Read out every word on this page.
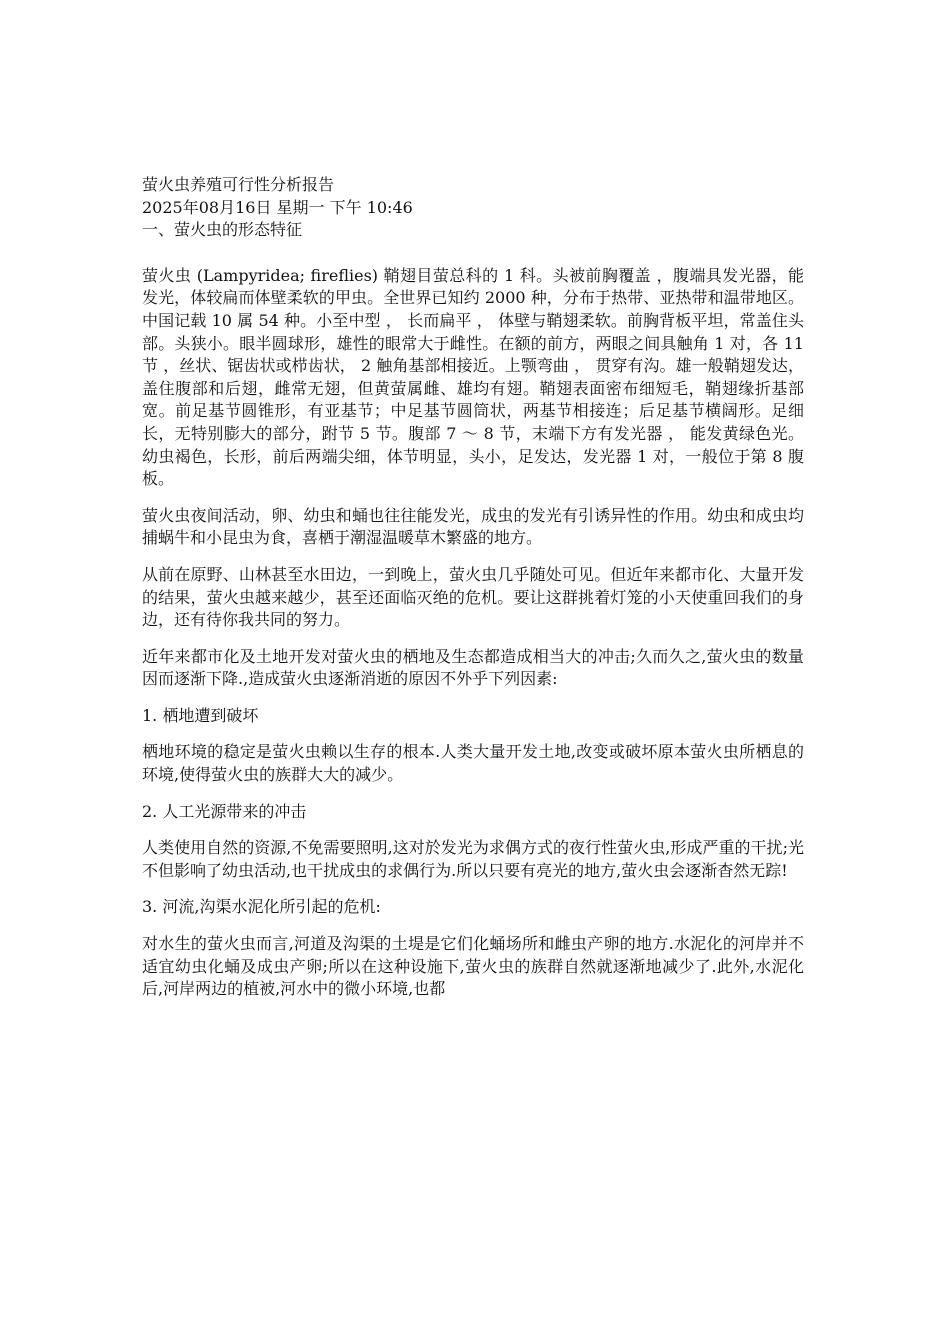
萤火虫养殖可行性分析报告

2025年08月16日 星期一 下午 10:46

一、萤火虫的形态特征

萤火虫 (Lampyridea; fireflies) 鞘翅目萤总科的 1 科。头被前胸覆盖 ，腹端具发光器，能发光，体较扁而体壁柔软的甲虫。全世界已知约 2000 种，分布于热带、亚热带和温带地区。中国记载 10 属 54 种。小至中型 ， 长而扁平 ， 体壁与鞘翅柔软。前胸背板平坦，常盖住头部。头狭小。眼半圆球形，雄性的眼常大于雌性。在额的前方，两眼之间具触角 1 对，各 11 节 ，丝状、锯齿状或栉齿状， 2 触角基部相接近。上颚弯曲 ， 贯穿有沟。雄一般鞘翅发达，盖住腹部和后翅，雌常无翅，但黄萤属雌、雄均有翅。鞘翅表面密布细短毛，鞘翅缘折基部宽。前足基节圆锥形，有亚基节；中足基节圆筒状，两基节相接连；后足基节横阔形。足细长，无特别膨大的部分，跗节 5 节。腹部 7 ～ 8 节，末端下方有发光器 ， 能发黄绿色光。幼虫褐色，长形，前后两端尖细，体节明显，头小，足发达，发光器 1 对，一般位于第 8 腹板。

萤火虫夜间活动，卵、幼虫和蛹也往往能发光，成虫的发光有引诱异性的作用。幼虫和成虫均捕蜗牛和小昆虫为食，喜栖于潮湿温暖草木繁盛的地方。

从前在原野、山林甚至水田边，一到晚上，萤火虫几乎随处可见。但近年来都市化、大量开发的结果，萤火虫越来越少，甚至还面临灭绝的危机。要让这群挑着灯笼的小天使重回我们的身边，还有待你我共同的努力。

近年来都市化及土地开发对萤火虫的栖地及生态都造成相当大的冲击;久而久之,萤火虫的数量因而逐渐下降.,造成萤火虫逐渐消逝的原因不外乎下列因素:

1. 栖地遭到破坏

栖地环境的稳定是萤火虫赖以生存的根本.人类大量开发土地,改变或破坏原本萤火虫所栖息的环境,使得萤火虫的族群大大的减少。

2. 人工光源带来的冲击

人类使用自然的资源,不免需要照明,这对於发光为求偶方式的夜行性萤火虫,形成严重的干扰;光不但影响了幼虫活动,也干扰成虫的求偶行为.所以只要有亮光的地方,萤火虫会逐渐杳然无踪!

3. 河流,沟渠水泥化所引起的危机:

对水生的萤火虫而言,河道及沟渠的土堤是它们化蛹场所和雌虫产卵的地方.水泥化的河岸并不适宜幼虫化蛹及成虫产卵;所以在这种设施下,萤火虫的族群自然就逐渐地减少了.此外,水泥化后,河岸两边的植被,河水中的微小环境,也都
